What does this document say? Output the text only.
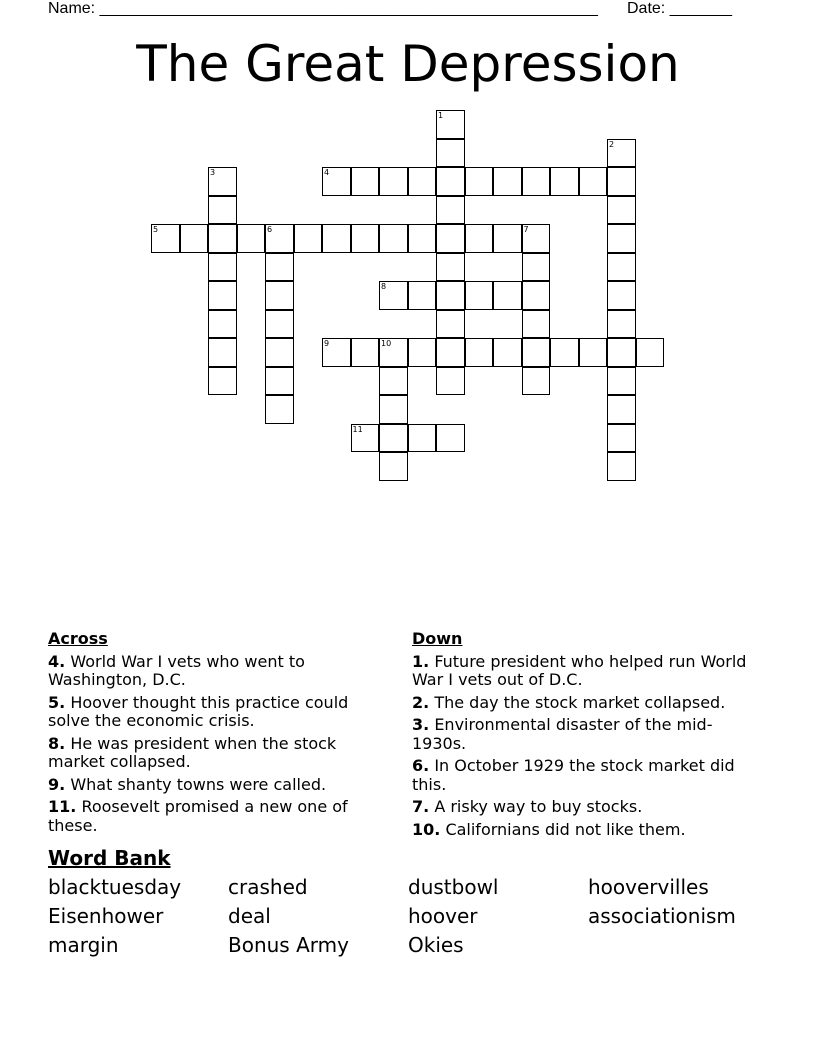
Name: ________________________________________________________ Date: _______
The Great Depression
1
2
3	4
5	6	7
8
9	10
11
Across
4. World War I vets who went to Washington, D.C.
5. Hoover thought this practice could solve the economic crisis.
8. He was president when the stock market collapsed.
9. What shanty towns were called.
11. Roosevelt promised a new one of these.
Down
1. Future president who helped run World War I vets out of D.C.
2. The day the stock market collapsed.
3. Environmental disaster of the mid-1930s.
6. In October 1929 the stock market did this.
7. A risky way to buy stocks.
10. Californians did not like them.
Word Bank
blacktuesday	crashed	dustbowl	hoovervilles
Eisenhower	deal	hoover	associationism
margin	Bonus Army	Okies
